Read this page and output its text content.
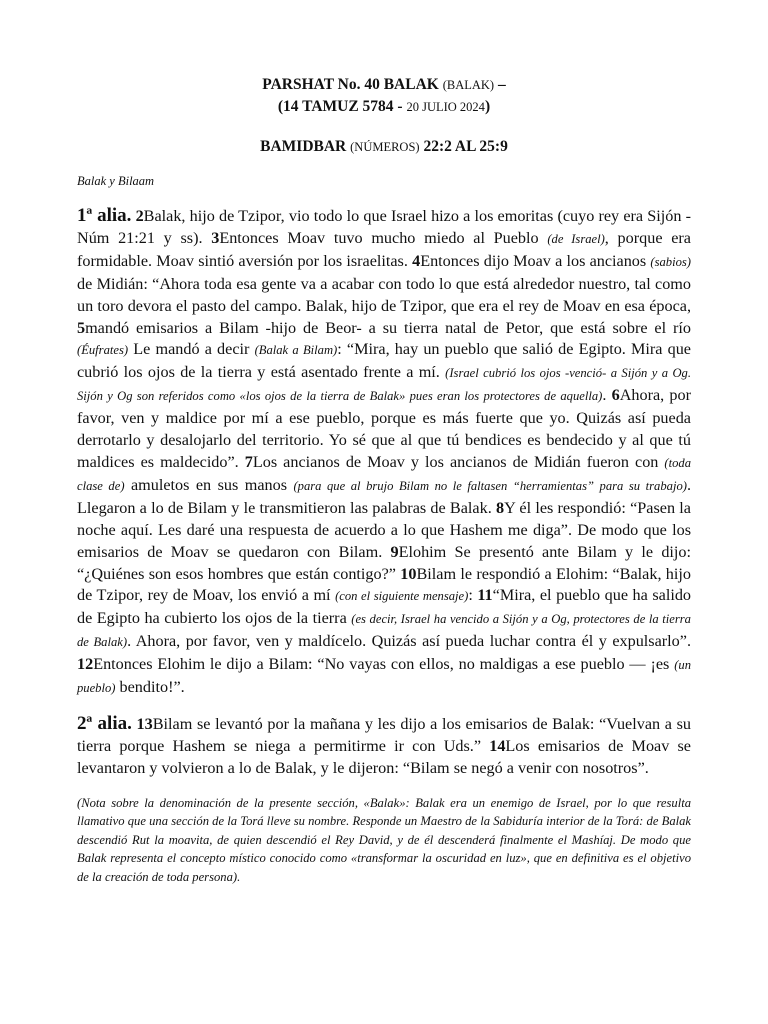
PARSHAT No. 40 BALAK (BALAK) –
(14 TAMUZ 5784 - 20 JULIO 2024)

BAMIDBAR (NÚMEROS) 22:2 AL 25:9

Balak y Bilaam

1ª alia. 2Balak, hijo de Tzipor, vio todo lo que Israel hizo a los emoritas (cuyo rey era Sijón - Núm 21:21 y ss). 3Entonces Moav tuvo mucho miedo al Pueblo (de Israel), porque era formidable. Moav sintió aversión por los israelitas. 4Entonces dijo Moav a los ancianos (sabios) de Midián: “Ahora toda esa gente va a acabar con todo lo que está alrededor nuestro, tal como un toro devora el pasto del campo. Balak, hijo de Tzipor, que era el rey de Moav en esa época, 5mandó emisarios a Bilam -hijo de Beor- a su tierra natal de Petor, que está sobre el río (Éufrates) Le mandó a decir (Balak a Bilam): “Mira, hay un pueblo que salió de Egipto. Mira que cubrió los ojos de la tierra y está asentado frente a mí. (Israel cubrió los ojos -venció- a Sijón y a Og. Sijón y Og son referidos como «los ojos de la tierra de Balak» pues eran los protectores de aquella). 6Ahora, por favor, ven y maldice por mí a ese pueblo, porque es más fuerte que yo. Quizás así pueda derrotarlo y desalojarlo del territorio. Yo sé que al que tú bendices es bendecido y al que tú maldices es maldecido”. 7Los ancianos de Moav y los ancianos de Midián fueron con (toda clase de) amuletos en sus manos (para que al brujo Bilam no le faltasen “herramientas” para su trabajo). Llegaron a lo de Bilam y le transmitieron las palabras de Balak. 8Y él les respondió: “Pasen la noche aquí. Les daré una respuesta de acuerdo a lo que Hashem me diga”. De modo que los emisarios de Moav se quedaron con Bilam. 9Elohim Se presentó ante Bilam y le dijo: “¿Quiénes son esos hombres que están contigo?” 10Bilam le respondió a Elohim: “Balak, hijo de Tzipor, rey de Moav, los envió a mí (con el siguiente mensaje): 11“Mira, el pueblo que ha salido de Egipto ha cubierto los ojos de la tierra (es decir, Israel ha vencido a Sijón y a Og, protectores de la tierra de Balak). Ahora, por favor, ven y maldícelo. Quizás así pueda luchar contra él y expulsarlo”. 12Entonces Elohim le dijo a Bilam: “No vayas con ellos, no maldigas a ese pueblo — ¡es (un pueblo) bendito!”.

2ª alia. 13Bilam se levantó por la mañana y les dijo a los emisarios de Balak: “Vuelvan a su tierra porque Hashem se niega a permitirme ir con Uds.” 14Los emisarios de Moav se levantaron y volvieron a lo de Balak, y le dijeron: “Bilam se negó a venir con nosotros”.

(Nota sobre la denominación de la presente sección, «Balak»: Balak era un enemigo de Israel, por lo que resulta llamativo que una sección de la Torá lleve su nombre. Responde un Maestro de la Sabiduría interior de la Torá: de Balak descendió Rut la moavita, de quien descendió el Rey David, y de él descenderá finalmente el Mashíaj. De modo que Balak representa el concepto místico conocido como «transformar la oscuridad en luz», que en definitiva es el objetivo de la creación de toda persona).
